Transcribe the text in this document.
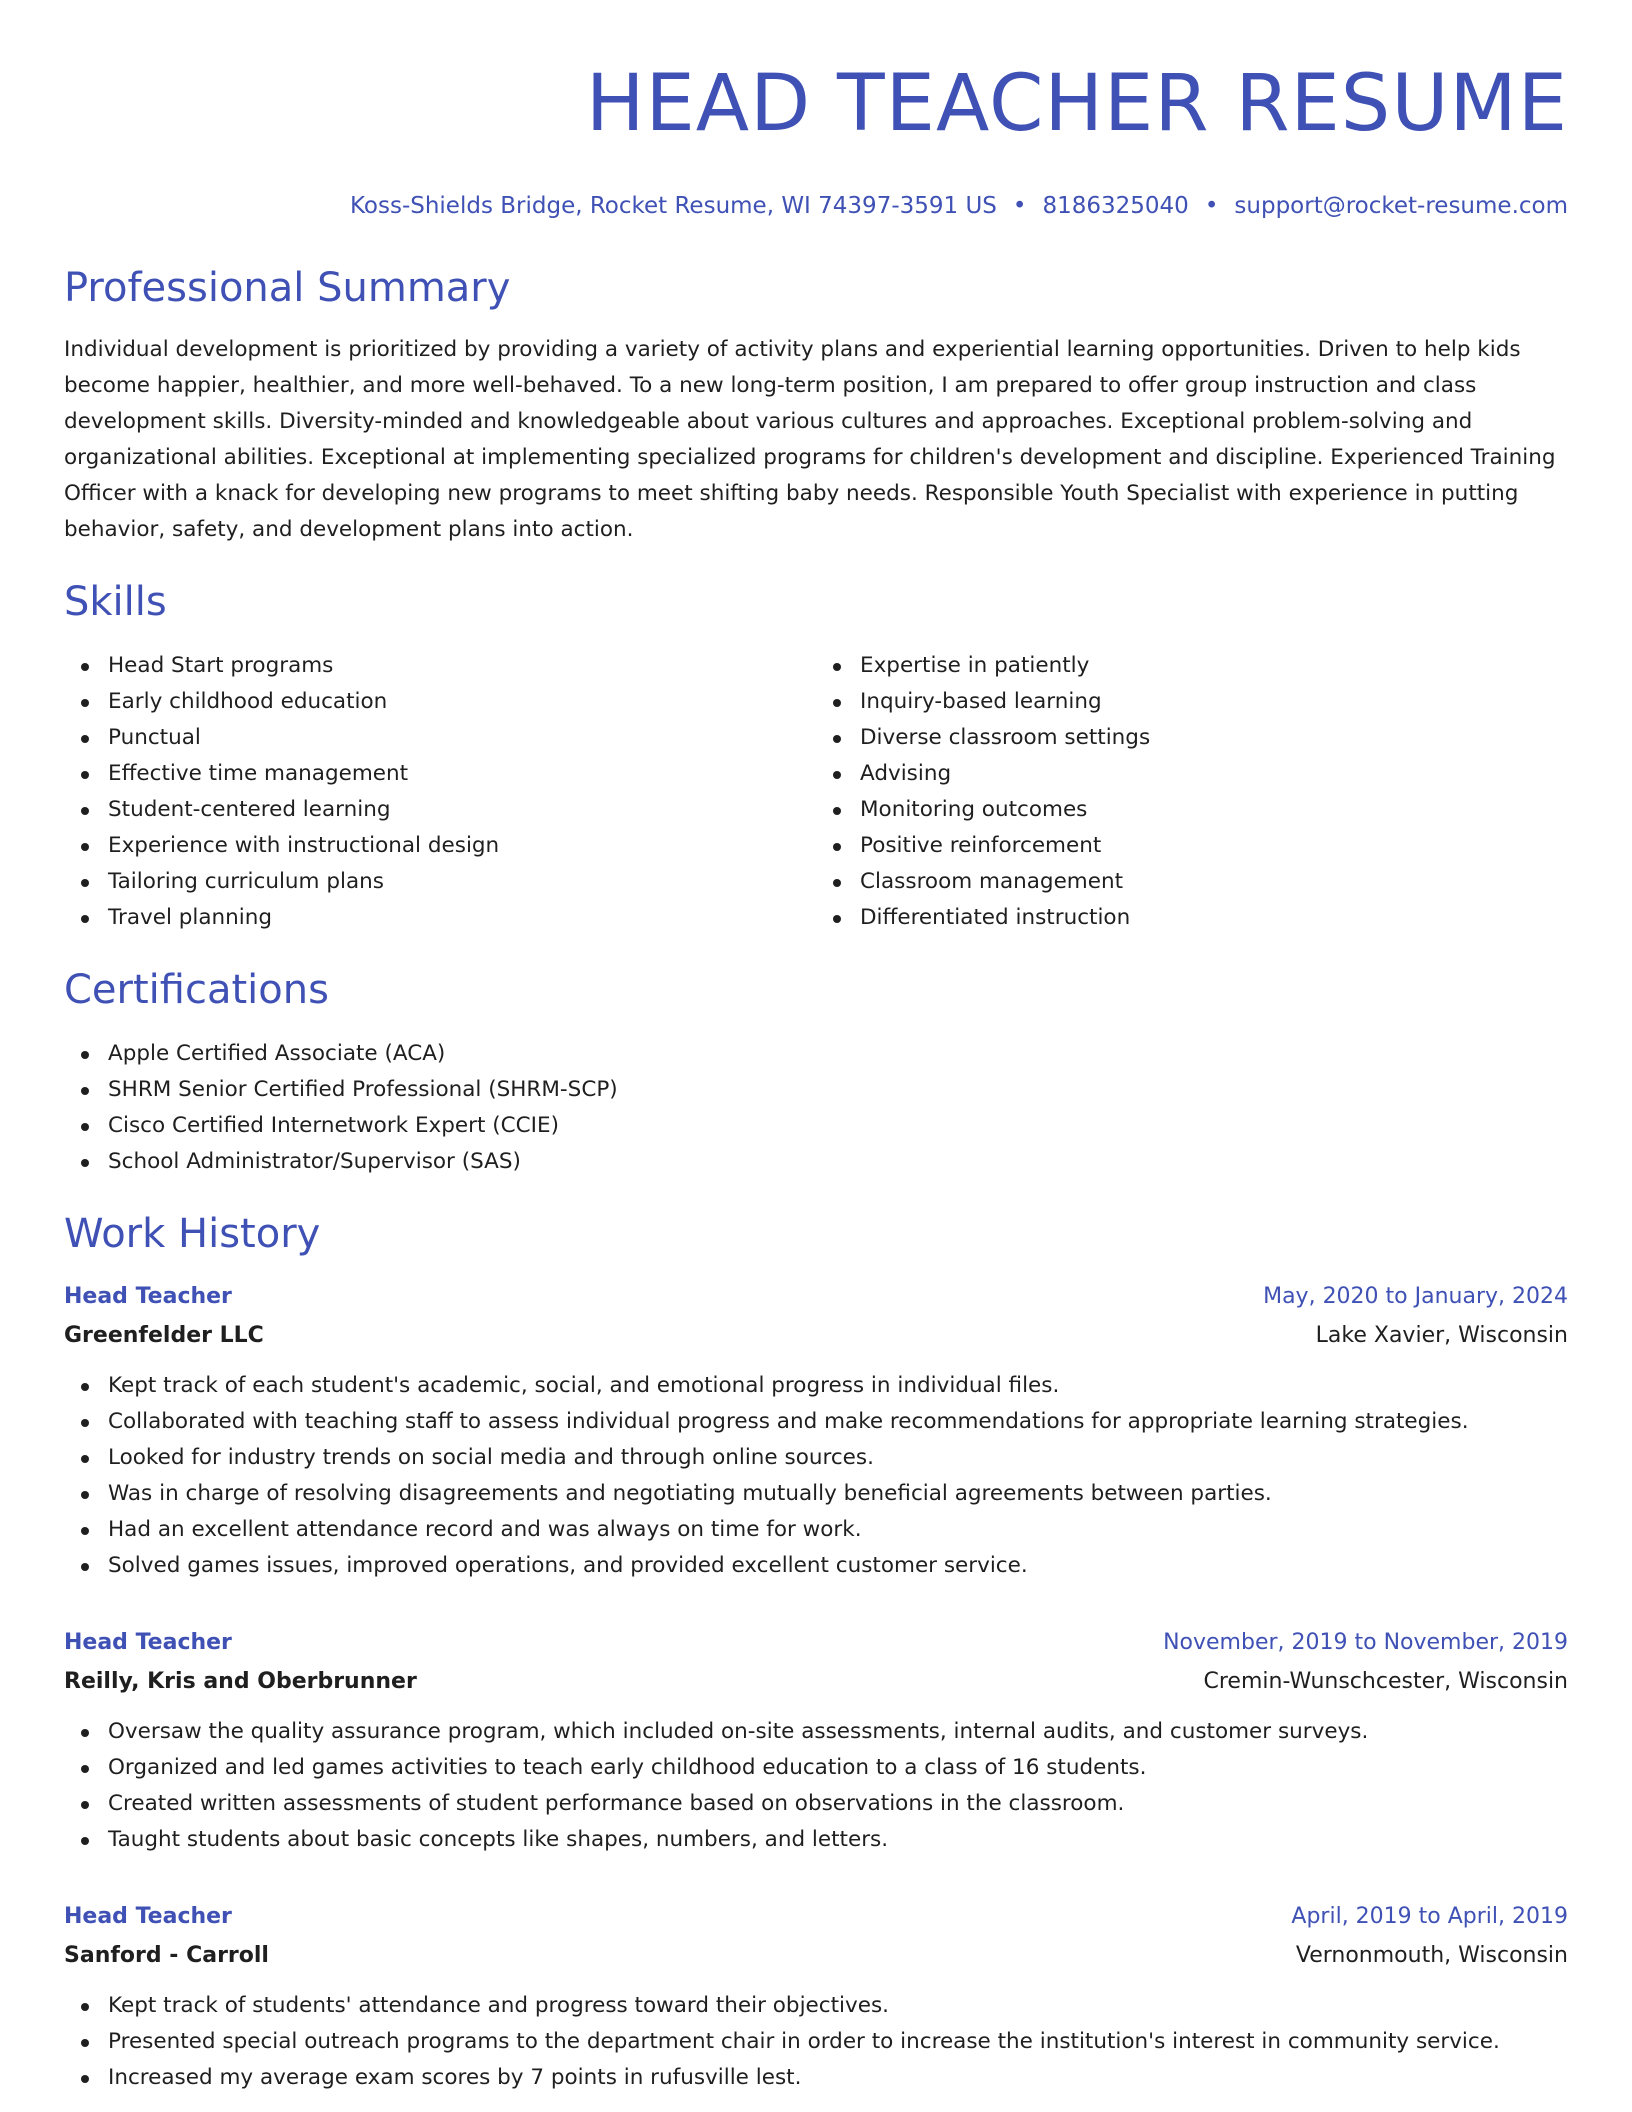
HEAD TEACHER RESUME
Koss-Shields Bridge, Rocket Resume, WI 74397-3591 US • 8186325040 • support@rocket-resume.com
Professional Summary

Individual development is prioritized by providing a variety of activity plans and experiential learning opportunities. Driven to help kids become happier, healthier, and more well-behaved. To a new long-term position, I am prepared to offer group instruction and class development skills. Diversity-minded and knowledgeable about various cultures and approaches. Exceptional problem-solving and organizational abilities. Exceptional at implementing specialized programs for children's development and discipline. Experienced Training Officer with a knack for developing new programs to meet shifting baby needs. Responsible Youth Specialist with experience in putting behavior, safety, and development plans into action.

Skills
Head Start programs
Early childhood education
Punctual
Effective time management
Student-centered learning
Experience with instructional design
Tailoring curriculum plans
Travel planning
Expertise in patiently
Inquiry-based learning
Diverse classroom settings
Advising
Monitoring outcomes
Positive reinforcement
Classroom management
Differentiated instruction
Certifications
Apple Certified Associate (ACA)
SHRM Senior Certified Professional (SHRM-SCP)
Cisco Certified Internetwork Expert (CCIE)
School Administrator/Supervisor (SAS)
Work History
Head Teacher	May, 2020 to January, 2024
Greenfelder LLC	Lake Xavier, Wisconsin
Kept track of each student's academic, social, and emotional progress in individual files.
Collaborated with teaching staff to assess individual progress and make recommendations for appropriate learning strategies.
Looked for industry trends on social media and through online sources.
Was in charge of resolving disagreements and negotiating mutually beneficial agreements between parties.
Had an excellent attendance record and was always on time for work.
Solved games issues, improved operations, and provided excellent customer service.
Head Teacher	November, 2019 to November, 2019
Reilly, Kris and Oberbrunner	Cremin-Wunschcester, Wisconsin
Oversaw the quality assurance program, which included on-site assessments, internal audits, and customer surveys.
Organized and led games activities to teach early childhood education to a class of 16 students.
Created written assessments of student performance based on observations in the classroom.
Taught students about basic concepts like shapes, numbers, and letters.
Head Teacher	April, 2019 to April, 2019
Sanford - Carroll	Vernonmouth, Wisconsin
Kept track of students' attendance and progress toward their objectives.
Presented special outreach programs to the department chair in order to increase the institution's interest in community service.
Increased my average exam scores by 7 points in rufusville lest.
